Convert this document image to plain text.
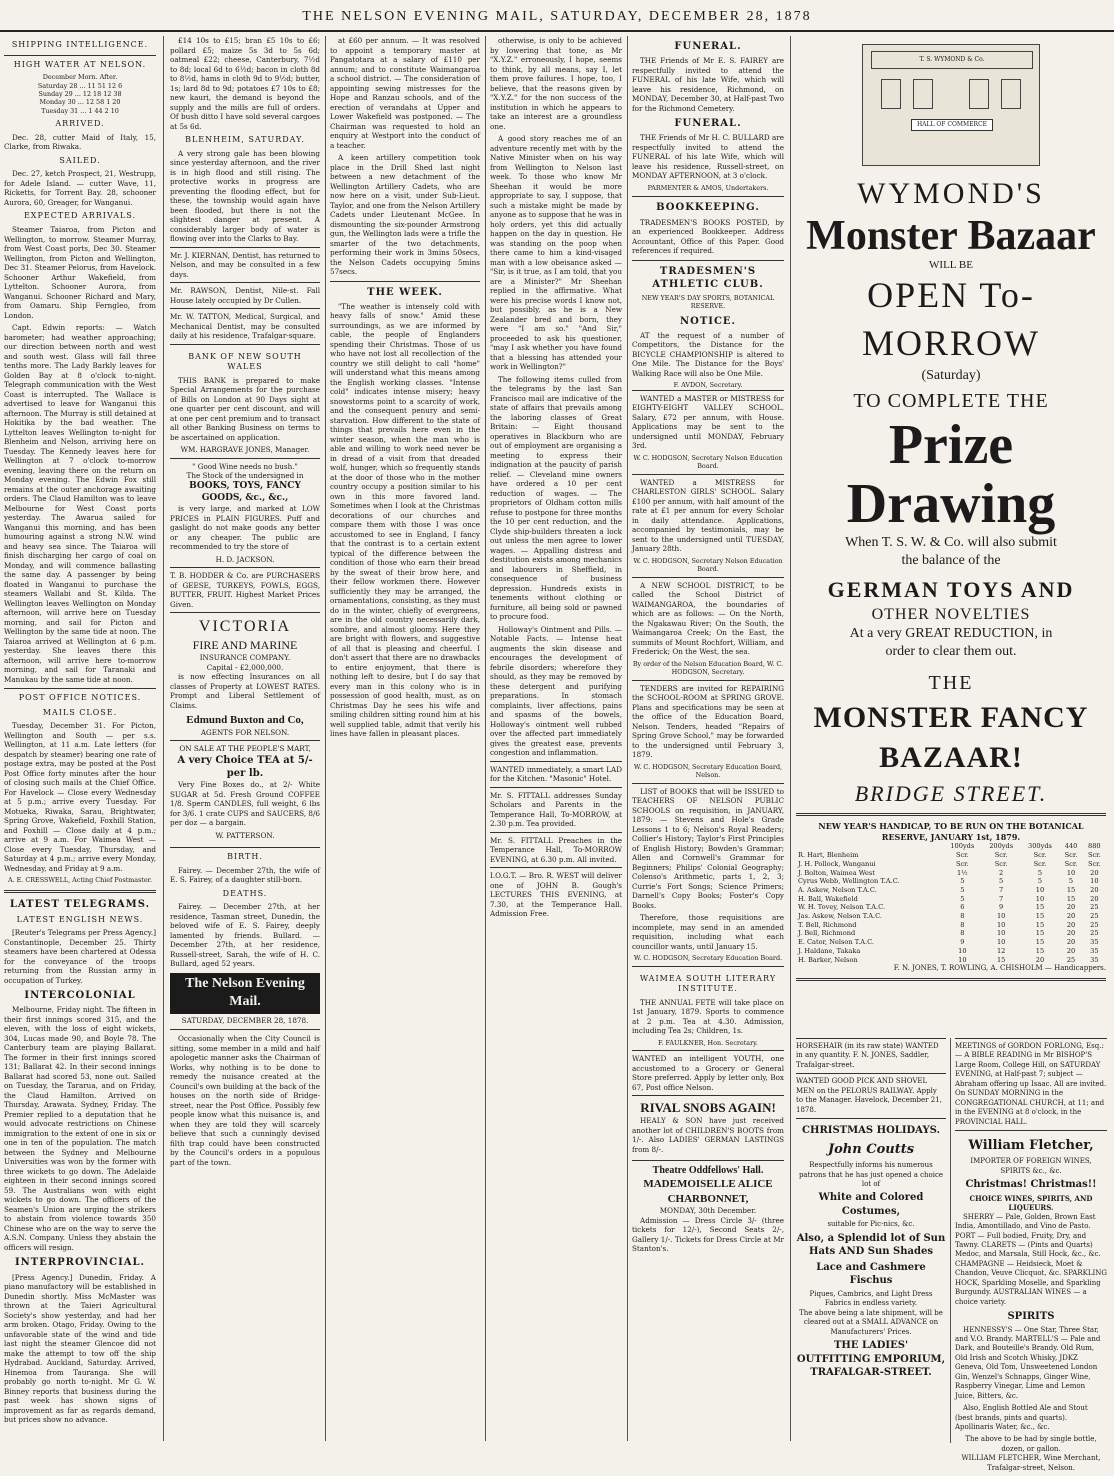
THE NELSON EVENING MAIL, SATURDAY, DECEMBER 28, 1878
SHIPPING INTELLIGENCE.
HIGH WATER AT NELSON.
December Morn. After.
Saturday 28 ... 11 51 12 6
Sunday 29 ... 12 18 12 38
Monday 30 ... 12 58 1 20
Tuesday 31 ... 1 44 2 10
ARRIVED.

Dec. 28, cutter Maid of Italy, 15, Clarke, from Riwaka.

SAILED.

Dec. 27, ketch Prospect, 21, Westrupp, for Adele Island. — cutter Wave, 11, Ricketts, for Torrent Bay. 28, schooner Aurora, 60, Greager, for Wanganui.

EXPECTED ARRIVALS.

Steamer Taiaroa, from Picton and Wellington, to morrow. Steamer Murray, from West Coast ports, Dec 30. Steamer Wellington, from Picton and Wellington, Dec 31. Steamer Pelorus, from Havelock. Schooner Arthur Wakefield, from Lyttelton. Schooner Aurora, from Wanganui. Schooner Richard and Mary, from Oamaru. Ship Ferngleo, from London.

Capt. Edwin reports: — Watch barometer; had weather approaching; our direction between north and west and south west. Glass will fall three tenths more. The Lady Barkly leaves for Golden Bay at 8 o'clock to-night. Telegraph communication with the West Coast is interrupted. The Wallace is advertised to leave for Wanganui this afternoon. The Murray is still detained at Hokitika by the bad weather. The Lyttelton leaves Wellington to-night for Blenheim and Nelson, arriving here on Tuesday. The Kennedy leaves here for Wellington at 7 o'clock to-morrow evening, leaving there on the return on Monday evening. The Edwin Fox still remains at the outer anchorage awaiting orders. The Claud Hamilton was to leave Melbourne for West Coast ports yesterday. The Awarua sailed for Wanganui this morning, and has been humouring against a strong N.W. wind and heavy sea since. The Taiaroa will finish discharging her cargo of coal on Monday, and will commence ballasting the same day. A passenger by being floated in Wanganui to purchase the steamers Wallabi and St. Kilda. The Wellington leaves Wellington on Monday afternoon, will arrive here on Tuesday morning, and sail for Picton and Wellington by the same tide at noon. The Taiaroa arrived at Wellington at 6 p.m. yesterday. She leaves there this afternoon, will arrive here to-morrow morning, and sail for Taranaki and Manukau by the same tide at noon.

POST OFFICE NOTICES.
MAILS CLOSE.

Tuesday, December 31. For Picton, Wellington and South — per s.s. Wellington, at 11 a.m. Late letters (for despatch by steamer) bearing one rate of postage extra, may be posted at the Post Post Office forty minutes after the hour of closing such mails at the Chief Office. For Havelock — Close every Wednesday at 5 p.m.; arrive every Tuesday. For Motueka, Riwaka, Sarau, Brightwater, Spring Grove, Wakefield, Foxhill Station, and Foxhill — Close daily at 4 p.m.; arrive at 9 a.m. For Waimea West — Close every Tuesday, Thursday, and Saturday at 4 p.m.; arrive every Monday, Wednesday, and Friday at 9 a.m.

A. E. CRESSWELL, Acting Chief Postmaster.
LATEST TELEGRAMS.
LATEST ENGLISH NEWS.

[Reuter's Telegrams per Press Agency.] Constantinople, December 25. Thirty steamers have been chartered at Odessa for the conveyance of the troops returning from the Russian army in occupation of Turkey.

INTERCOLONIAL

Melbourne, Friday night. The fifteen in their first innings scored 315, and the eleven, with the loss of eight wickets, 304, Lucas made 90, and Boyle 78. The Canterbury team are playing Ballarat. The former in their first innings scored 131; Ballarat 42. In their second innings Ballarat had scored 53, none out. Sailed on Tuesday, the Tararua, and on Friday, the Claud Hamilton. Arrived on Thursday, Arawata. Sydney, Friday. The Premier replied to a deputation that he would advocate restrictions on Chinese immigration to the extent of one in six or one in ten of the population. The match between the Sydney and Melbourne Universities was won by the former with three wickets to go down. The Adelaide eighteen in their second innings scored 59. The Australians won with eight wickets to go down. The officers of the Seamen's Union are urging the strikers to abstain from violence towards 350 Chinese who are on the way to serve the A.S.N. Company. Unless they abstain the officers will resign.

INTERPROVINCIAL.

[Press Agency.] Dunedin, Friday. A piano manufactory will be established in Dunedin shortly. Miss McMaster was thrown at the Taieri Agricultural Society's show yesterday, and had her arm broken. Otago, Friday. Owing to the unfavorable state of the wind and tide last night the steamer Glencoe did not make the attempt to tow off the ship Hydrabad. Auckland, Saturday. Arrived, Hinemoa from Tauranga. She will probably go north to-night. Mr G. W. Binney reports that business during the past week has shown signs of improvement as far as regards demand, but prices show no advance.

£14 10s to £15; bran £5 10s to £6; pollard £5; maize 5s 3d to 5s 6d; oatmeal £22; cheese, Canterbury, 7½d to 8d; local 6d to 6½d; bacon in cloth 8d to 8½d, hams in cloth 9d to 9½d; butter, 1s; lard 8d to 9d; potatoes £7 10s to £8; new kauri, the demand is beyond the supply and the mills are full of orders. Of bush ditto I have sold several cargoes at 5s 6d.

BLENHEIM, SATURDAY.

A very strong gale has been blowing since yesterday afternoon, and the river is in high flood and still rising. The protective works in progress are preventing the flooding effect, but for these, the township would again have been flooded, but there is not the slightest danger at present. A considerably larger body of water is flowing over into the Clarks to Bay.

Mr. J. KIERNAN, Dentist, has returned to Nelson, and may be consulted in a few days.
Mr. RAWSON, Dentist, Nile-st. Fall House lately occupied by Dr Cullen.
Mr. W. TATTON, Medical, Surgical, and Mechanical Dentist, may be consulted daily at his residence, Trafalgar-square.
BANK OF NEW SOUTH WALES

THIS BANK is prepared to make Special Arrangements for the purchase of Bills on London at 90 Days sight at one quarter per cent discount, and will at one per cent premium and to transact all other Banking Business on terms to be ascertained on application.

WM. HARGRAVE JONES, Manager.
" Good Wine needs no bush."
The Stock of the undersigned in
BOOKS, TOYS, FANCY GOODS, &c., &c.,

is very large, and marked at LOW PRICES in PLAIN FIGURES. Puff and gaslight do not make goods any better or any cheaper. The public are recommended to try the store of

H. D. JACKSON.
T. B. HODDER & Co. are PURCHASERS of GEESE, TURKEYS, FOWLS, EGGS, BUTTER, FRUIT. Highest Market Prices Given.
VICTORIA
FIRE AND MARINE
INSURANCE COMPANY.
Capital - £2,000,000.

is now effecting Insurances on all classes of Property at LOWEST RATES. Prompt and Liberal Settlement of Claims.

Edmund Buxton and Co,
AGENTS FOR NELSON.
ON SALE AT THE PEOPLE'S MART,
A very Choice TEA at 5/- per lb.

Very Fine Boxes do., at 2/- White SUGAR at 5d. Fresh Ground COFFEE 1/8. Sperm CANDLES, full weight, 6 lbs for 3/6. 1 crate CUPS and SAUCERS, 8/6 per doz — a bargain.

W. PATTERSON.
BIRTH.

Fairey. — December 27th, the wife of E. S. Fairey, of a daughter still-born.

DEATHS.

Fairey. — December 27th, at her residence, Tasman street, Dunedin, the beloved wife of E. S. Fairey, deeply lamented by friends. Bullard. — December 27th, at her residence, Russell-street, Sarah, the wife of H. C. Bullard, aged 52 years.

The Nelson Evening Mail.
SATURDAY, DECEMBER 28, 1878.

Occasionally when the City Council is sitting, some member in a mild and half apologetic manner asks the Chairman of Works, why nothing is to be done to remedy the nuisance created at the Council's own building at the back of the houses on the north side of Bridge-street, near the Post Office. Possibly few people know what this nuisance is, and when they are told they will scarcely believe that such a cunningly devised filth trap could have been constructed by the Council's orders in a populous part of the town.

at £60 per annum. — It was resolved to appoint a temporary master at Pangatotara at a salary of £110 per annum; and to constitute Waimangaroa a school district. — The consideration of appointing sewing mistresses for the Hope and Ranzau schools, and of the erection of verandahs at Upper and Lower Wakefield was postponed. — The Chairman was requested to hold an enquiry at Westport into the conduct of a teacher.

A keen artillery competition took place in the Drill Shed last night between a new detachment of the Wellington Artillery Cadets, who are now here on a visit, under Sub-Lieut. Taylor, and one from the Nelson Artillery Cadets under Lieutenant McGee. In dismounting the six-pounder Armstrong gun, the Wellington lads were a trifle the smarter of the two detachments, performing their work in 3mins 50secs, the Nelson Cadets occupying 5mins 57secs.

THE WEEK.

"The weather is intensely cold with heavy falls of snow." Amid these surroundings, as we are informed by cable, the people of Englanders spending their Christmas. Those of us who have not lost all recollection of the country we still delight to call "home" will understand what this means among the English working classes. "Intense cold" indicates intense misery; heavy snowstorms point to a scarcity of work, and the consequent penury and semi-starvation. How different to the state of things that prevails here even in the winter season, when the man who is able and willing to work need never be in dread of a visit from that dreaded wolf, hunger, which so frequently stands at the door of those who in the mother country occupy a position similar to his own in this more favored land. Sometimes when I look at the Christmas decorations of our churches and compare them with those I was once accustomed to see in England, I fancy that the contrast is to a certain extent typical of the difference between the condition of those who earn their bread by the sweat of their brow here, and their fellow workmen there. However sufficiently they may be arranged, the ornamentations, consisting, as they must do in the winter, chiefly of evergreens, are in the old country necessarily dark, sombre, and almost gloomy. Here they are bright with flowers, and suggestive of all that is pleasing and cheerful. I don't assert that there are no drawbacks to entire enjoyment, that there is nothing left to desire, but I do say that every man in this colony who is in possession of good health, must, as on Christmas Day he sees his wife and smiling children sitting round him at his well supplied table, admit that verily his lines have fallen in pleasant places.

otherwise, is only to be achieved by lowering that tone, as Mr "X.Y.Z." erroneously, I hope, seems to think, by all means, say I, let them prove failures. I hope, too, I believe, that the reasons given by "X.Y.Z." for the non success of the institution in which he appears to take an interest are a groundless one.

A good story reaches me of an adventure recently met with by the Native Minister when on his way from Wellington to Nelson last week. To those who know Mr Sheehan it would be more appropriate to say, I suppose, that such a mistake might be made by anyone as to suppose that he was in holy orders, yet this did actually happen on the day in question. He was standing on the poop when there came to him a kind-visaged man with a low obeisance asked — "Sir, is it true, as I am told, that you are a Minister?" Mr Sheehan replied in the affirmative. What were his precise words I know not, but possibly, as he is a New Zealander bred and born, they were "I am so." "And Sir," proceeded to ask his questioner, "may I ask whether you have found that a blessing has attended your work in Wellington?"

The following items culled from the telegrams by the last San Francisco mail are indicative of the state of affairs that prevails among the laboring classes of Great Britain: — Eight thousand operatives in Blackburn who are out of employment are organising a meeting to express their indignation at the paucity of parish relief. — Cleveland mine owners have ordered a 10 per cent reduction of wages. — The proprietors of Oldham cotton mills refuse to postpone for three months the 10 per cent reduction, and the Clyde ship-builders threaten a lock out unless the men agree to lower wages. — Appalling distress and destitution exists among mechanics and labourers in Sheffield, in consequence of business depression. Hundreds exists in tenements without clothing or furniture, all being sold or pawned to procure food.

Holloway's Ointment and Pills. — Notable Facts. — Intense heat augments the skin disease and encourages the development of febrile disorders; wherefore they should, as they may be removed by these detergent and purifying preparations. In stomach complaints, liver affections, pains and spasms of the bowels, Holloway's ointment well rubbed over the affected part immediately gives the greatest ease, prevents congestion and inflammation.

WANTED immediately, a smart LAD for the Kitchen. "Masonic" Hotel.
Mr. S. FITTALL addresses Sunday Scholars and Parents in the Temperance Hall, To-MORROW, at 2.30 p.m. Tea provided.
Mr. S. FITTALL Preaches in the Temperance Hall, To-MORROW EVENING, at 6.30 p.m. All invited.
I.O.G.T. — Bro. R. WEST will deliver one of JOHN B. Gough's LECTURES THIS EVENING, at 7.30, at the Temperance Hall. Admission Free.
FUNERAL.

THE Friends of Mr E. S. FAIREY are respectfully invited to attend the FUNERAL of his late Wife, which will leave his residence, Richmond, on MONDAY, December 30, at Half-past Two for the Richmond Cemetery.

FUNERAL.

THE Friends of Mr H. C. BULLARD are respectfully invited to attend the FUNERAL of his late Wife, which will leave his residence, Russell-street, on MONDAY AFTERNOON, at 3 o'clock.

PARMENTER & AMOS, Undertakers.
BOOKKEEPING.

TRADESMEN'S BOOKS POSTED, by an experienced Bookkeeper. Address Accountant, Office of this Paper. Good references if required.

TRADESMEN'S ATHLETIC CLUB.
NEW YEAR'S DAY SPORTS, BOTANICAL RESERVE.
NOTICE.

AT the request of a number of Competitors, the Distance for the BICYCLE CHAMPIONSHIP is altered to One Mile. The Distance for the Boys' Walking Race will also be One Mile.

F. AVDON, Secretary.

WANTED a MASTER or MISTRESS for EIGHTY-EIGHT VALLEY SCHOOL. Salary, £72 per annum, with House. Applications may be sent to the undersigned until MONDAY, February 3rd.

W. C. HODGSON, Secretary Nelson Education Board.

WANTED a MISTRESS for CHARLESTON GIRLS' SCHOOL. Salary £100 per annum, with half amount of the rate at £1 per annum for every Scholar in daily attendance. Applications, accompanied by testimonials, may be sent to the undersigned until TUESDAY, January 28th.

W. C. HODGSON, Secretary Nelson Education Board.

A NEW SCHOOL DISTRICT, to be called the School District of WAIMANGAROA, the boundaries of which are as follows: — On the North, the Ngakawau River; On the South, the Waimangaroa Creek; On the East, the summits of Mount Rochfort, William, and Frederick; On the West, the sea.

By order of the Nelson Education Board, W. C. HODGSON, Secretary.

TENDERS are invited for REPAIRING the SCHOOL-ROOM at SPRING GROVE. Plans and specifications may be seen at the office of the Education Board, Nelson. Tenders, headed "Repairs of Spring Grove School," may be forwarded to the undersigned until February 3, 1879.

W. C. HODGSON, Secretary Education Board, Nelson.

LIST of BOOKS that will be ISSUED to TEACHERS OF NELSON PUBLIC SCHOOLS on requisition, in JANUARY, 1879: — Stevens and Hole's Grade Lessons 1 to 6; Nelson's Royal Readers; Collier's History; Taylor's First Principles of English History; Bowden's Grammar; Allen and Cornwell's Grammar for Beginners; Philips' Colonial Geography; Colenso's Arithmetic, parts 1, 2, 3; Currie's Fort Songs; Science Primers; Darnell's Copy Books; Foster's Copy Books.

Therefore, those requisitions are incomplete, may send in an amended requisition, including what each councillor wants, until January 15.

W. C. HODGSON, Secretary Education Board.
WAIMEA SOUTH LITERARY INSTITUTE.

THE ANNUAL FETE will take place on 1st January, 1879. Sports to commence at 2 p.m. Tea at 4.30. Admission, including Tea 2s; Children, 1s.

F. FAULKNER, Hon. Secretary.
WANTED an intelligent YOUTH, one accustomed to a Grocery or General Store preferred. Apply by letter only, Box 67, Post office Nelson.
RIVAL SNOBS AGAIN!

HEALY & SON have just received another lot of CHILDREN'S BOOTS from 1/-. Also LADIES' GERMAN LASTINGS from 8/-.

Theatre Oddfellows' Hall.
MADEMOISELLE ALICE CHARBONNET,
MONDAY, 30th December.

Admission — Dress Circle 3/- (three tickets for 12/-), Second Seats 2/-, Gallery 1/-. Tickets for Dress Circle at Mr Stanton's.

T. S. WYMOND & Co.
HALL OF COMMERCE
WYMOND'S
Monster Bazaar
WILL BE
OPEN To-MORROW
(Saturday)
TO COMPLETE THE
Prize Drawing
When T. S. W. & Co. will also submit
the balance of the
GERMAN TOYS AND
OTHER NOVELTIES
At a very GREAT REDUCTION, in
order to clear them out.
THE
MONSTER FANCY BAZAAR!
BRIDGE STREET.
NEW YEAR'S HANDICAP, TO BE RUN ON THE BOTANICAL RESERVE, JANUARY 1st, 1879.
	100yds	200yds	300yds	440	880
R. Hart, Blenheim	Scr.	Scr.	Scr.	Scr.	Scr.
J. H. Pollock, Wanganui	Scr.	Scr.	Scr.	Scr.	Scr.
J. Bolton, Waimea West	1½	2	5	10	20
Cyrus Webb, Wellington T.A.C.	5	5	5	5	10
A. Askew, Nelson T.A.C.	5	7	10	15	20
H. Ball, Wakefield	5	7	10	15	20
W. H. Tovey, Nelson T.A.C.	6	9	15	20	25
Jas. Askew, Nelson T.A.C.	8	10	15	20	25
T. Bell, Richmond	8	10	15	20	25
J. Bell, Richmond	8	10	15	20	25
E. Cator, Nelson T.A.C.	9	10	15	20	35
J. Haldane, Takaka	10	12	15	20	35
H. Barker, Nelson	10	15	20	25	35
F. N. JONES, T. ROWLING, A. CHISHOLM — Handicappers.
HORSEHAIR (in its raw state) WANTED in any quantity. F. N. JONES, Saddler, Trafalgar-street.
WANTED GOOD PICK AND SHOVEL MEN on the PELORUS RAILWAY. Apply to the Manager. Havelock, December 21, 1878.
CHRISTMAS HOLIDAYS.
John Coutts
Respectfully informs his numerous patrons that he has just opened a choice lot of
White and Colored Costumes,
suitable for Pic-nics, &c.
Also, a Splendid lot of Sun Hats AND Sun Shades
Lace and Cashmere Fischus
Piques, Cambrics, and Light Dress Fabrics in endless variety.
The above being a late shipment, will be cleared out at a SMALL ADVANCE on Manufacturers' Prices.
THE LADIES' OUTFITTING EMPORIUM, TRAFALGAR-STREET.
MEETINGS of GORDON FORLONG, Esq.: — A BIBLE READING in Mr BISHOP'S Large Room, College Hill, on SATURDAY EVENING, at Half-past 7; subject — Abraham offering up Isaac. All are invited. On SUNDAY MORNING in the CONGREGATIONAL CHURCH, at 11; and in the EVENING at 8 o'clock, in the PROVINCIAL HALL.
William Fletcher,
IMPORTER OF FOREIGN WINES, SPIRITS &c., &c.
Christmas! Christmas!!
CHOICE WINES, SPIRITS, AND LIQUEURS.

SHERRY — Pale, Golden, Brown East India, Amontillado, and Vino de Pasto. PORT — Full bodied, Fruity, Dry, and Tawny. CLARETS — (Pints and Quarts) Medoc, and Marsala, Still Hock, &c., &c. CHAMPAGNE — Heidsieck, Moet & Chandon, Veuve Clicquot, &c. SPARKLING HOCK, Sparkling Moselle, and Sparkling Burgundy. AUSTRALIAN WINES — a choice variety.

SPIRITS

HENNESSY'S — One Star, Three Star, and V.O. Brandy. MARTELL'S — Pale and Dark, and Bouteille's Brandy. Old Rum, Old Irish and Scotch Whisky, JDKZ Geneva, Old Tom, Unsweetened London Gin, Wenzel's Schnapps, Ginger Wine, Raspberry Vinegar, Lime and Lemon Juice, Bitters, &c.

Also, English Bottled Ale and Stout (best brands, pints and quarts). Apollinaris Water, &c., &c.

The above to be had by single bottle, dozen, or gallon.
WILLIAM FLETCHER, Wine Merchant, Trafalgar-street, Nelson.
